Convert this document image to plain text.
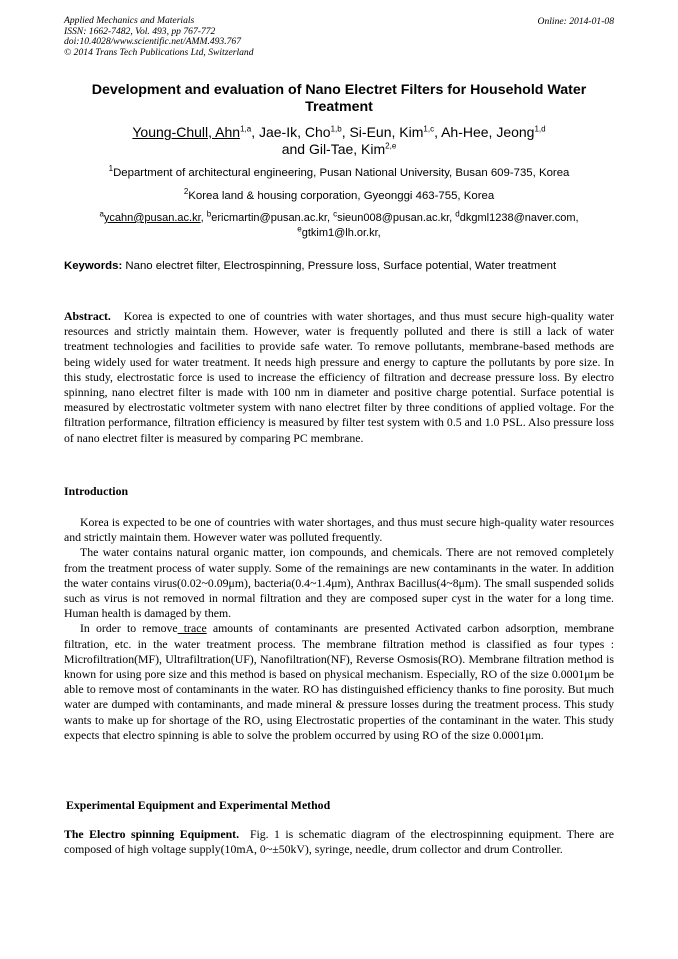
Applied Mechanics and Materials
ISSN: 1662-7482, Vol. 493, pp 767-772
doi:10.4028/www.scientific.net/AMM.493.767
© 2014 Trans Tech Publications Ltd, Switzerland
Online: 2014-01-08
Development and evaluation of Nano Electret Filters for Household Water Treatment
Young-Chull, Ahn$^{1,a}$, Jae-Ik, Cho$^{1,b}$, Si-Eun, Kim$^{1,c}$, Ah-Hee, Jeong$^{1,d}$
and Gil-Tae, Kim$^{2,e}$
$^1$Department of architectural engineering, Pusan National University, Busan 609-735, Korea
$^2$Korea land & housing corporation, Gyeonggi 463-755, Korea
$^a$ycahn@pusan.ac.kr, $^b$ericmartin@pusan.ac.kr, $^c$sieun008@pusan.ac.kr, $^d$dkgml1238@naver.com,
$^e$gtkim1@lh.or.kr,
Keywords: Nano electret filter, Electrospinning, Pressure loss, Surface potential, Water treatment

Abstract. Korea is expected to one of countries with water shortages, and thus must secure high-quality water resources and strictly maintain them. However, water is frequently polluted and there is still a lack of water treatment technologies and facilities to provide safe water. To remove pollutants, membrane-based methods are being widely used for water treatment. It needs high pressure and energy to capture the pollutants by pore size. In this study, electrostatic force is used to increase the efficiency of filtration and decrease pressure loss. By electro spinning, nano electret filter is made with 100 nm in diameter and positive charge potential. Surface potential is measured by electrostatic voltmeter system with nano electret filter by three conditions of applied voltage. For the filtration performance, filtration efficiency is measured by filter test system with 0.5 and 1.0 PSL. Also pressure loss of nano electret filter is measured by comparing PC membrane.

Introduction

Korea is expected to be one of countries with water shortages, and thus must secure high-quality water resources and strictly maintain them. However water was polluted frequently.

The water contains natural organic matter, ion compounds, and chemicals. There are not removed completely from the treatment process of water supply. Some of the remainings are new contaminants in the water. In addition the water contains virus(0.02~0.09μm), bacteria(0.4~1.4μm), Anthrax Bacillus(4~8μm). The small suspended solids such as virus is not removed in normal filtration and they are composed super cyst in the water for a long time. Human health is damaged by them.

In order to remove trace amounts of contaminants are presented Activated carbon adsorption, membrane filtration, etc. in the water treatment process. The membrane filtration method is classified as four types : Microfiltration(MF), Ultrafiltration(UF), Nanofiltration(NF), Reverse Osmosis(RO). Membrane filtration method is known for using pore size and this method is based on physical mechanism. Especially, RO of the size 0.0001μm be able to remove most of contaminants in the water. RO has distinguished efficiency thanks to fine porosity. But much water are dumped with contaminants, and made mineral & pressure losses during the treatment process. This study wants to make up for shortage of the RO, using Electrostatic properties of the contaminant in the water. This study expects that electro spinning is able to solve the problem occurred by using RO of the size 0.0001μm.

Experimental Equipment and Experimental Method

The Electro spinning Equipment. Fig. 1 is schematic diagram of the electrospinning equipment. There are composed of high voltage supply(10mA, 0~±50kV), syringe, needle, drum collector and drum Controller.
